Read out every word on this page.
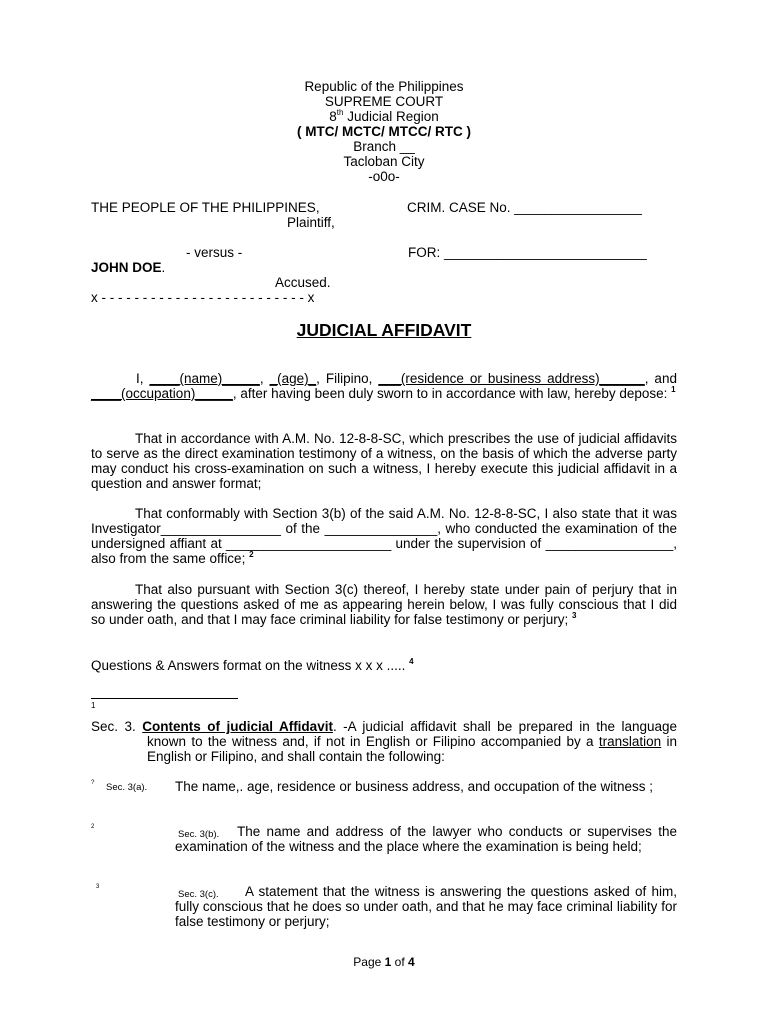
Republic of the Philippines
SUPREME COURT
8th Judicial Region
( MTC/ MCTC/ MTCC/ RTC )
Branch __
Tacloban City
-o0o-
THE PEOPLE OF THE PHILIPPINES,
Plaintiff,
CRIM. CASE No. _________________
- versus -	FOR: ___________________________
JOHN DOE.
Accused.
x - - - - - - - - - - - - - - - - - - - - - - - - - x
JUDICIAL AFFIDAVIT
I, ____(name)_____, _(age)_, Filipino, ___(residence or business address)______, and ____(occupation)_____, after having been duly sworn to in accordance with law, hereby depose: $^1$
That in accordance with A.M. No. 12-8-8-SC, which prescribes the use of judicial affidavits to serve as the direct examination testimony of a witness, on the basis of which the adverse party may conduct his cross-examination on such a witness, I hereby execute this judicial affidavit in a question and answer format;
That conformably with Section 3(b) of the said A.M. No. 12-8-8-SC, I also state that it was Investigator________________ of the _______________, who conducted the examination of the undersigned affiant at ______________________ under the supervision of _________________, also from the same office; $^2$
That also pursuant with Section 3(c) thereof, I hereby state under pain of perjury that in answering the questions asked of me as appearing herein below, I was fully conscious that I did so under oath, and that I may face criminal liability for false testimony or perjury; $^3$
Questions & Answers format on the witness x x x ..... $^4$
1
Sec. 3. Contents of judicial Affidavit. -A judicial affidavit shall be prepared in the language known to the witness and, if not in English or Filipino accompanied by a translation in English or Filipino, and shall contain the following:
? Sec. 3(a). The name,. age, residence or business address, and occupation of the witness ;
2
Sec. 3(b). The name and address of the lawyer who conducts or supervises the examination of the witness and the place where the examination is being held;
3
Sec. 3(c). A statement that the witness is answering the questions asked of him, fully conscious that he does so under oath, and that he may face criminal liability for false testimony or perjury;
Page 1 of 4
